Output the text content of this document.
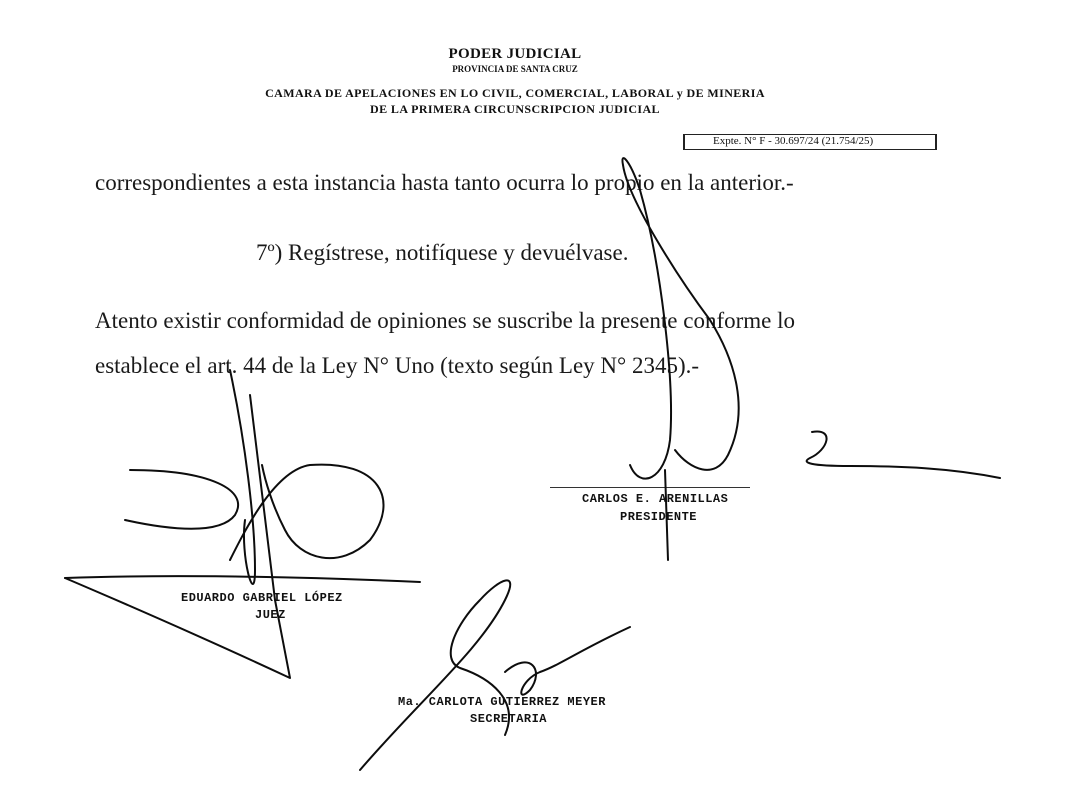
PODER JUDICIAL
PROVINCIA DE SANTA CRUZ
CAMARA DE APELACIONES EN LO CIVIL, COMERCIAL, LABORAL y DE MINERIA
DE LA PRIMERA CIRCUNSCRIPCION JUDICIAL
Expte. N° F - 30.697/24 (21.754/25)
correspondientes a esta instancia hasta tanto ocurra lo propio en la anterior.-
7º) Regístrese, notifíquese y devuélvase.
Atento existir conformidad de opiniones se suscribe la presente conforme lo
establece el art. 44 de la Ley N° Uno (texto según Ley N° 2345).-
CARLOS E. ARENILLAS
PRESIDENTE
EDUARDO GABRIEL LÓPEZ
JUEZ
Ma. CARLOTA GUTIERREZ MEYER
SECRETARIA
